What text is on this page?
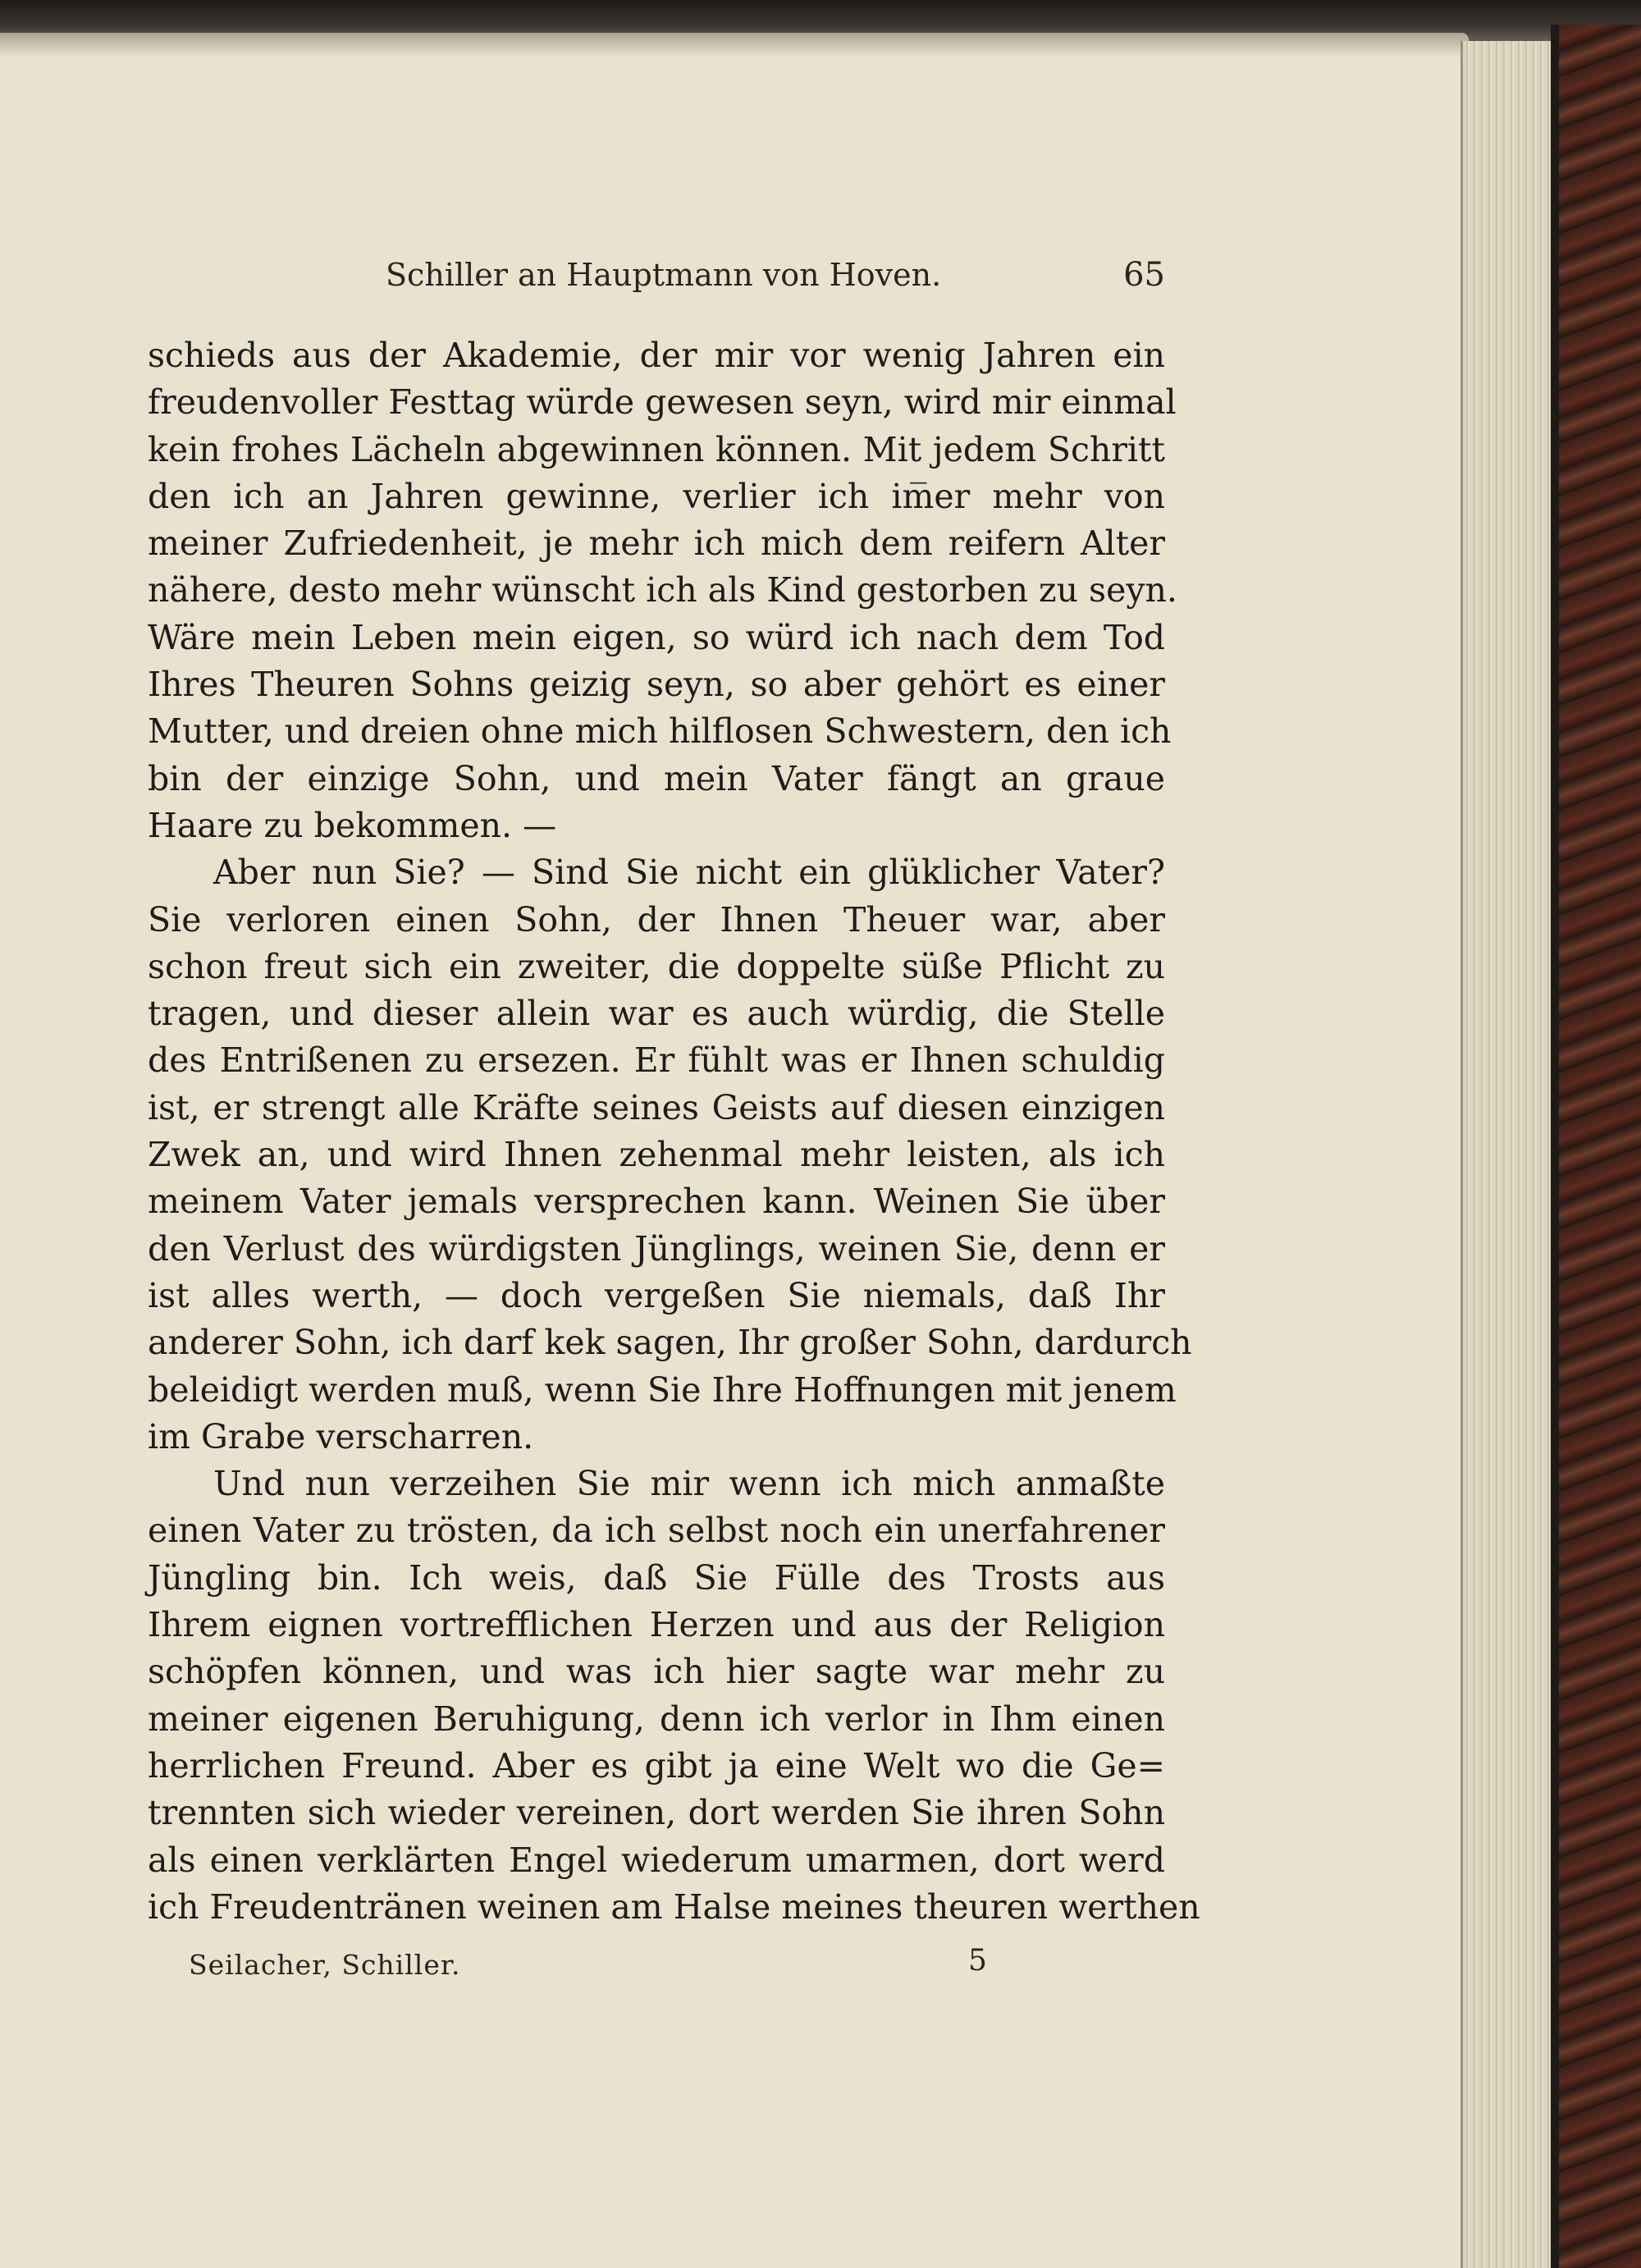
Schiller an Hauptmann von Hoven.	65
schieds aus der Akademie, der mir vor wenig Jahren ein
freudenvoller Festtag würde gewesen seyn, wird mir einmal
kein frohes Lächeln abgewinnen können. Mit jedem Schritt
den ich an Jahren gewinne, verlier ich im̅er mehr von
meiner Zufriedenheit, je mehr ich mich dem reifern Alter
nähere, desto mehr wünscht ich als Kind gestorben zu seyn.
Wäre mein Leben mein eigen, so würd ich nach dem Tod
Ihres Theuren Sohns geizig seyn, so aber gehört es einer
Mutter, und dreien ohne mich hilflosen Schwestern, den ich
bin der einzige Sohn, und mein Vater fängt an graue
Haare zu bekommen. —
Aber nun Sie? — Sind Sie nicht ein glüklicher Vater?
Sie verloren einen Sohn, der Ihnen Theuer war, aber
schon freut sich ein zweiter, die doppelte süße Pflicht zu
tragen, und dieser allein war es auch würdig, die Stelle
des Entrißenen zu ersezen. Er fühlt was er Ihnen schuldig
ist, er strengt alle Kräfte seines Geists auf diesen einzigen
Zwek an, und wird Ihnen zehenmal mehr leisten, als ich
meinem Vater jemals versprechen kann. Weinen Sie über
den Verlust des würdigsten Jünglings, weinen Sie, denn er
ist alles werth, — doch vergeßen Sie niemals, daß Ihr
anderer Sohn, ich darf kek sagen, Ihr großer Sohn, dardurch
beleidigt werden muß, wenn Sie Ihre Hoffnungen mit jenem
im Grabe verscharren.
Und nun verzeihen Sie mir wenn ich mich anmaßte
einen Vater zu trösten, da ich selbst noch ein unerfahrener
Jüngling bin. Ich weis, daß Sie Fülle des Trosts aus
Ihrem eignen vortrefflichen Herzen und aus der Religion
schöpfen können, und was ich hier sagte war mehr zu
meiner eigenen Beruhigung, denn ich verlor in Ihm einen
herrlichen Freund. Aber es gibt ja eine Welt wo die Ge=
trennten sich wieder vereinen, dort werden Sie ihren Sohn
als einen verklärten Engel wiederum umarmen, dort werd
ich Freudentränen weinen am Halse meines theuren werthen
Seilacher, Schiller.	5
